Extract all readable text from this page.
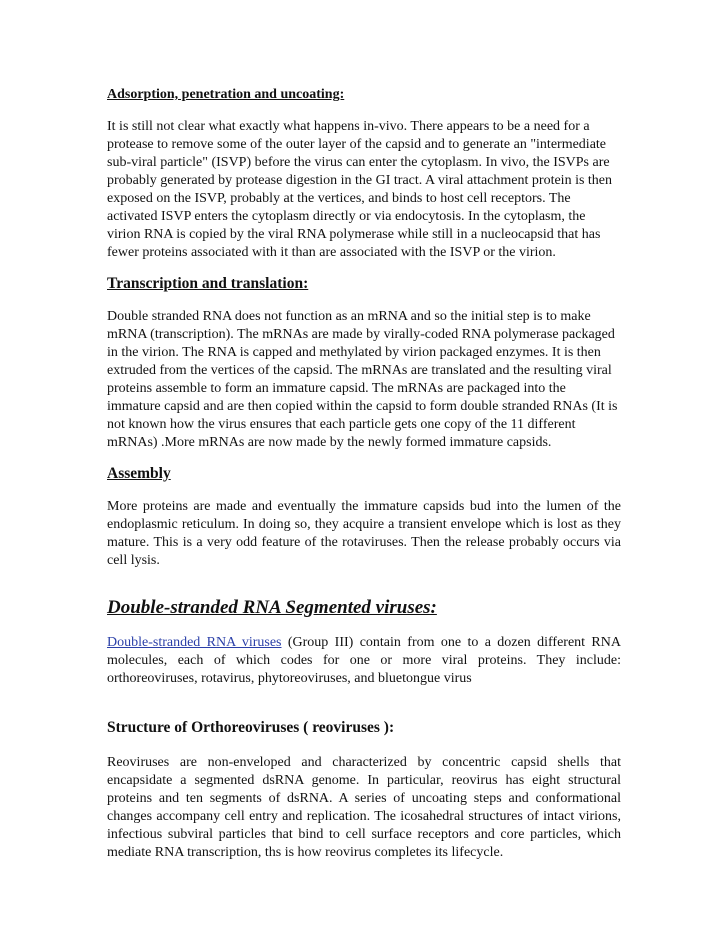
Adsorption, penetration and uncoating:

It is still not clear what exactly what happens in-vivo. There appears to be a need for a protease to remove some of the outer layer of the capsid and to generate an "intermediate sub-viral particle" (ISVP) before the virus can enter the cytoplasm. In vivo, the ISVPs are probably generated by protease digestion in the GI tract. A viral attachment protein is then exposed on the ISVP, probably at the vertices, and binds to host cell receptors. The activated ISVP enters the cytoplasm directly or via endocytosis. In the cytoplasm, the virion RNA is copied by the viral RNA polymerase while still in a nucleocapsid that has fewer proteins associated with it than are associated with the ISVP or the virion.

Transcription and translation:

Double stranded RNA does not function as an mRNA and so the initial step is to make mRNA (transcription). The mRNAs are made by virally-coded RNA polymerase packaged in the virion. The RNA is capped and methylated by virion packaged enzymes. It is then extruded from the vertices of the capsid. The mRNAs are translated and the resulting viral proteins assemble to form an immature capsid. The mRNAs are packaged into the immature capsid and are then copied within the capsid to form double stranded RNAs (It is not known how the virus ensures that each particle gets one copy of the 11 different mRNAs) .More mRNAs are now made by the newly formed immature capsids.

Assembly

More proteins are made and eventually the immature capsids bud into the lumen of the endoplasmic reticulum. In doing so, they acquire a transient envelope which is lost as they mature. This is a very odd feature of the rotaviruses. Then the release probably occurs via cell lysis.

Double-stranded RNA Segmented viruses:

Double-stranded RNA viruses (Group III) contain from one to a dozen different RNA molecules, each of which codes for one or more viral proteins. They include: orthoreoviruses, rotavirus, phytoreoviruses, and bluetongue virus

Structure of Orthoreoviruses ( reoviruses ):

Reoviruses are non-enveloped and characterized by concentric capsid shells that encapsidate a segmented dsRNA genome. In particular, reovirus has eight structural proteins and ten segments of dsRNA. A series of uncoating steps and conformational changes accompany cell entry and replication. The icosahedral structures of intact virions, infectious subviral particles that bind to cell surface receptors and core particles, which mediate RNA transcription, ths is how reovirus completes its lifecycle.
